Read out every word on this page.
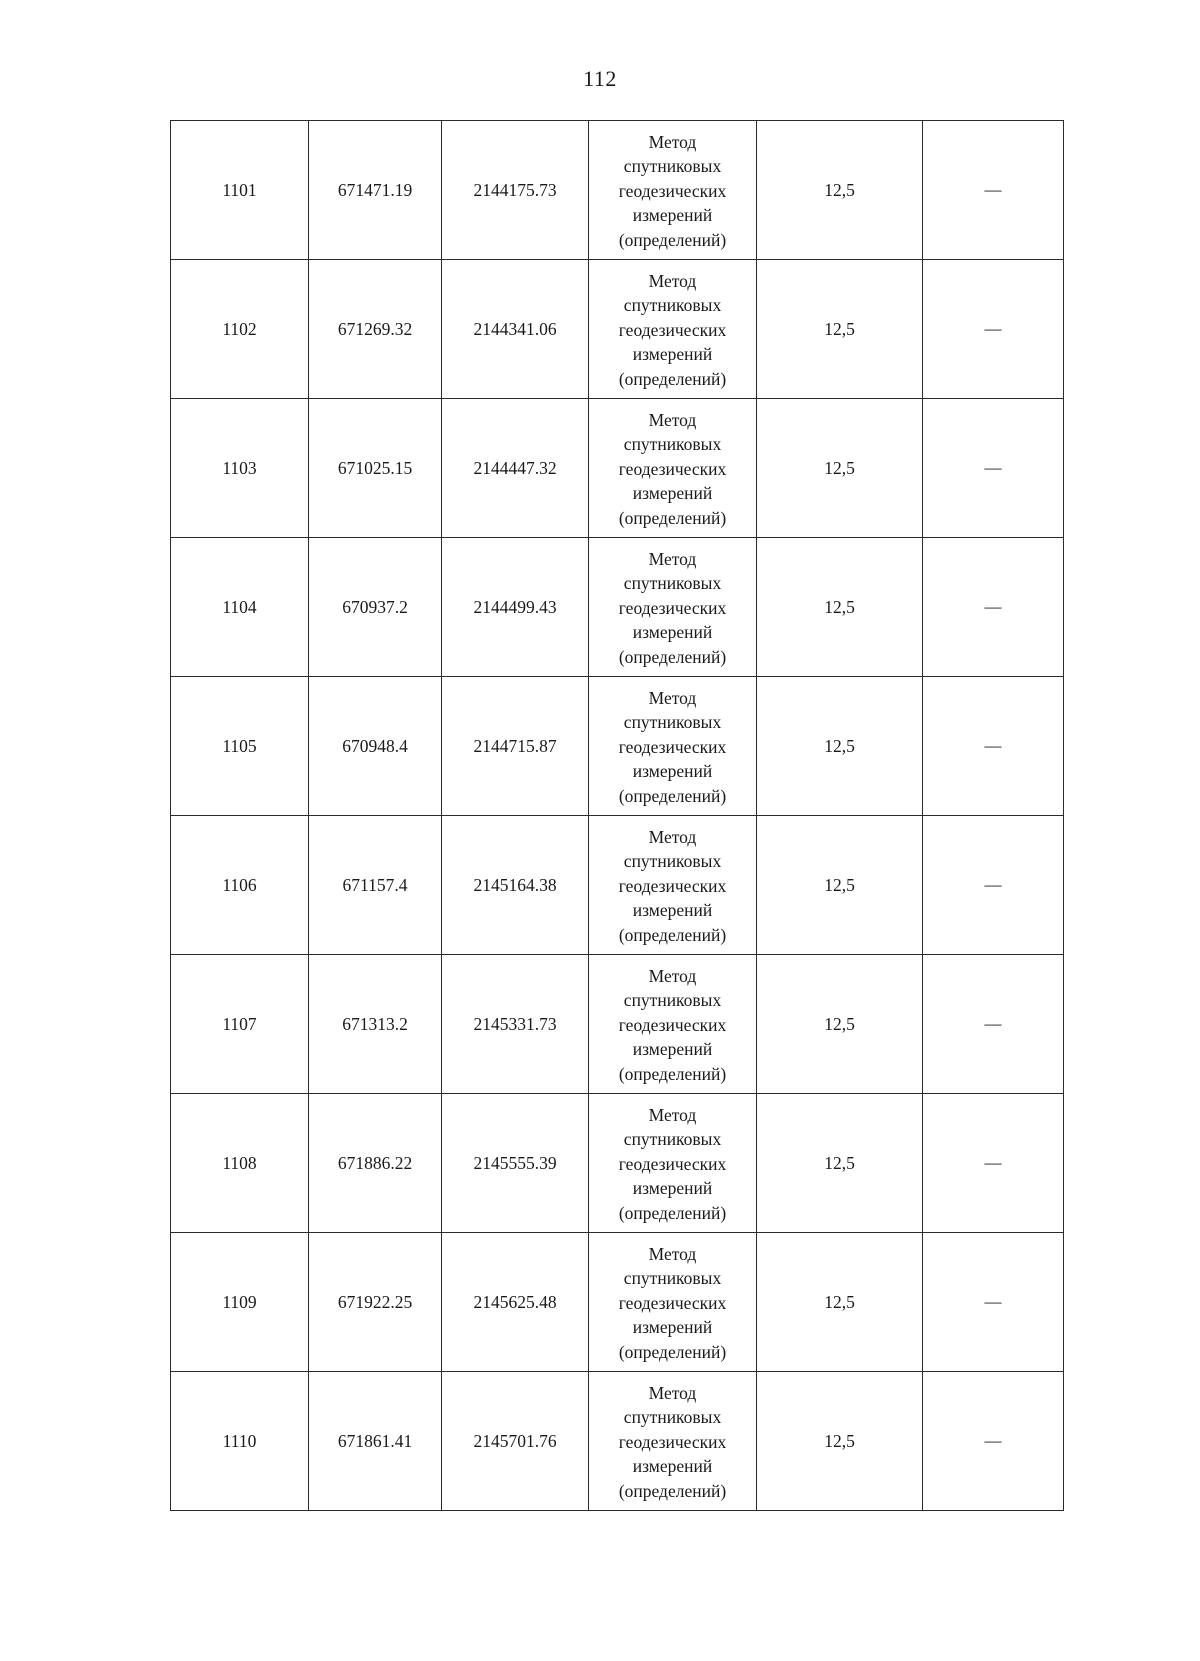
112
1101	671471.19	2144175.73	Метод
спутниковых
геодезических
измерений
(определений)	12,5	—
1102	671269.32	2144341.06	Метод
спутниковых
геодезических
измерений
(определений)	12,5	—
1103	671025.15	2144447.32	Метод
спутниковых
геодезических
измерений
(определений)	12,5	—
1104	670937.2	2144499.43	Метод
спутниковых
геодезических
измерений
(определений)	12,5	—
1105	670948.4	2144715.87	Метод
спутниковых
геодезических
измерений
(определений)	12,5	—
1106	671157.4	2145164.38	Метод
спутниковых
геодезических
измерений
(определений)	12,5	—
1107	671313.2	2145331.73	Метод
спутниковых
геодезических
измерений
(определений)	12,5	—
1108	671886.22	2145555.39	Метод
спутниковых
геодезических
измерений
(определений)	12,5	—
1109	671922.25	2145625.48	Метод
спутниковых
геодезических
измерений
(определений)	12,5	—
1110	671861.41	2145701.76	Метод
спутниковых
геодезических
измерений
(определений)	12,5	—
